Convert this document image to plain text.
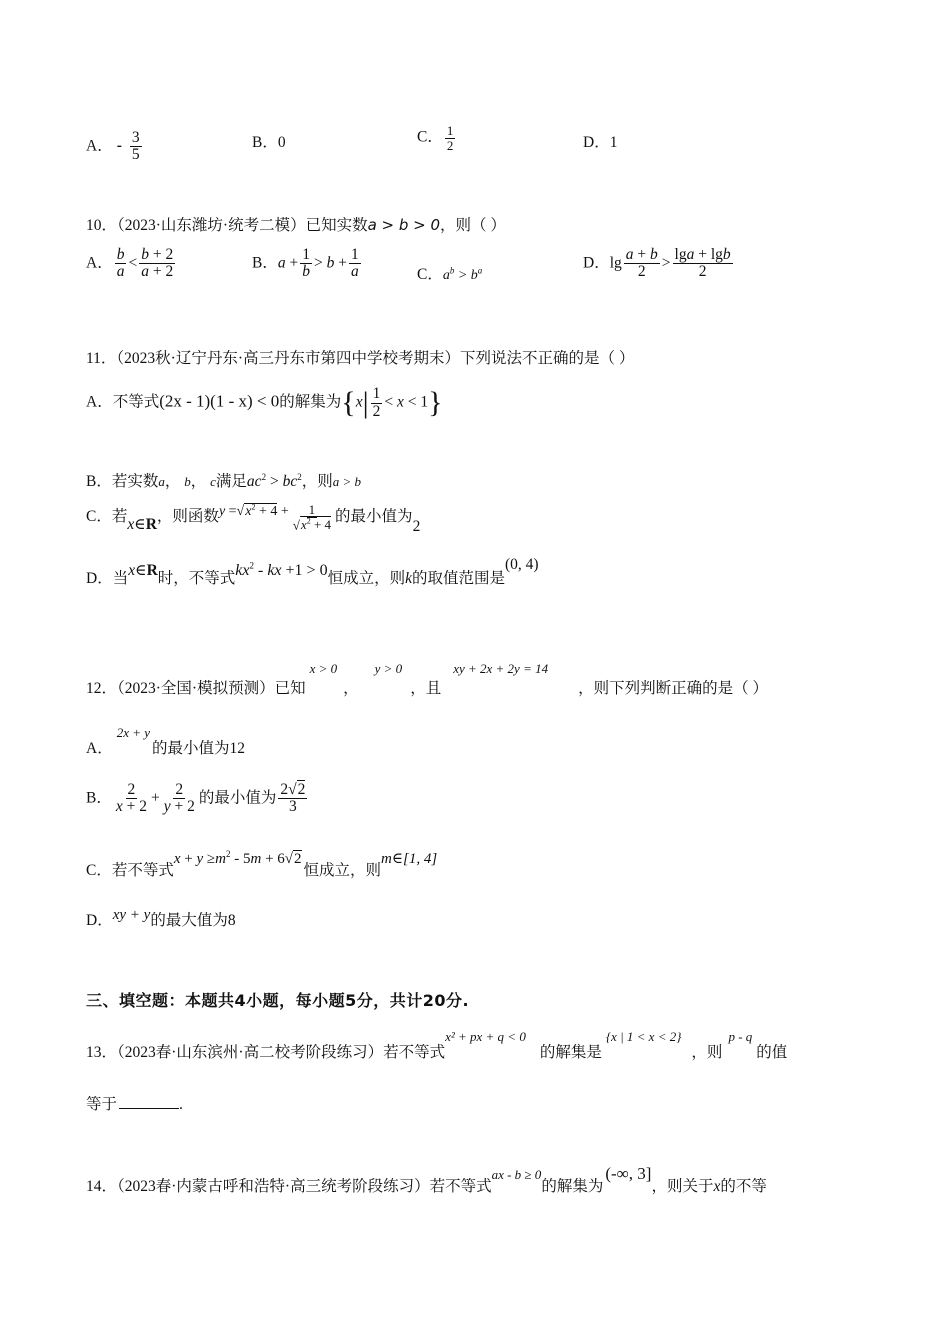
A． - $\frac{3}{5}$	B．0	C． $\frac{1}{2}$	D．1
10．（2023·山东潍坊·统考二模）已知实数a > b > 0，则（ ）
A． $\frac{b}{a} < \frac{b + 2}{a + 2}$	B．$a + \frac{1}{b} > b + \frac{1}{a}$	C．$a^b > b^a$	D．$\lg \frac{a + b}{2} > \frac{\lg a + \lg b}{2}$
11．（2023秋·辽宁丹东·高三丹东市第四中学校考期末）下列说法不正确的是（ ）
A．不等式(2x - 1)(1 - x) < 0的解集为$\{x| \frac{1}{2} < x < 1\}$
B．若实数a， b， c满足$ac^2 > bc^2$，则a > b
C．若x∈R，则函数$y =√x^2 + 4 + \frac{1}{√x^2 + 4}$ 的最小值为2
D．当x∈R时，不等式$kx^2$ - kx +1 > 0恒成立，则k的取值范围是(0, 4)
12．（2023·全国·模拟预测）已知x > 0，y > 0，且xy + 2x + 2y = 14，则下列判断正确的是（ ）
A．2x + y的最小值为12
B． $\frac{2}{x + 2} + \frac{2}{y + 2}$ 的最小值为 $\frac{2√2}{3}$
C．若不等式$x + y \ge m^2 - 5m + 6√2$恒成立，则m∈[1, 4]
D．xy + y的最大值为8
三、填空题：本题共4小题，每小题5分，共计20分.
13．（2023春·山东滨州·高二校考阶段练习）若不等式x² + px + q < 0的解集是{x | 1 < x < 2}，则p - q的值
等于	.
14．（2023春·内蒙古呼和浩特·高三统考阶段练习）若不等式ax - b ≥ 0的解集为(-∞, 3]，则关于x的不等
